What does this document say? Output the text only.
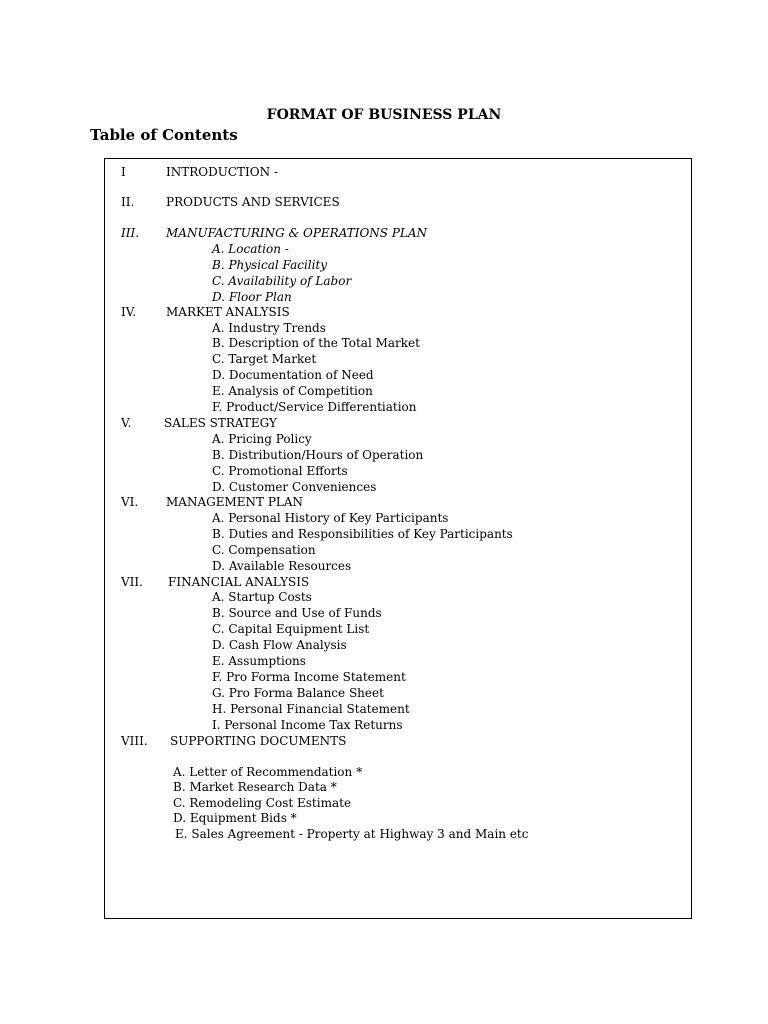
FORMAT OF BUSINESS PLAN
Table of Contents
I	INTRODUCTION -
II.	PRODUCTS AND SERVICES
III. MANUFACTURING & OPERATIONS PLAN
A. Location -
B. Physical Facility
C. Availability of Labor
D. Floor Plan
IV. MARKET ANALYSIS
A. Industry Trends
B. Description of the Total Market
C. Target Market
D. Documentation of Need
E. Analysis of Competition
F. Product/Service Differentiation
V.	SALES STRATEGY
A. Pricing Policy
B. Distribution/Hours of Operation
C. Promotional Efforts
D. Customer Conveniences
VI. MANAGEMENT PLAN
A. Personal History of Key Participants
B. Duties and Responsibilities of Key Participants
C. Compensation
D. Available Resources
VII. FINANCIAL ANALYSIS
A. Startup Costs
B. Source and Use of Funds
C. Capital Equipment List
D. Cash Flow Analysis
E. Assumptions
F. Pro Forma Income Statement
G. Pro Forma Balance Sheet
H. Personal Financial Statement
I. Personal Income Tax Returns
VIII. SUPPORTING DOCUMENTS
A. Letter of Recommendation *
B. Market Research Data *
C. Remodeling Cost Estimate
D. Equipment Bids *
E. Sales Agreement - Property at Highway 3 and Main etc
